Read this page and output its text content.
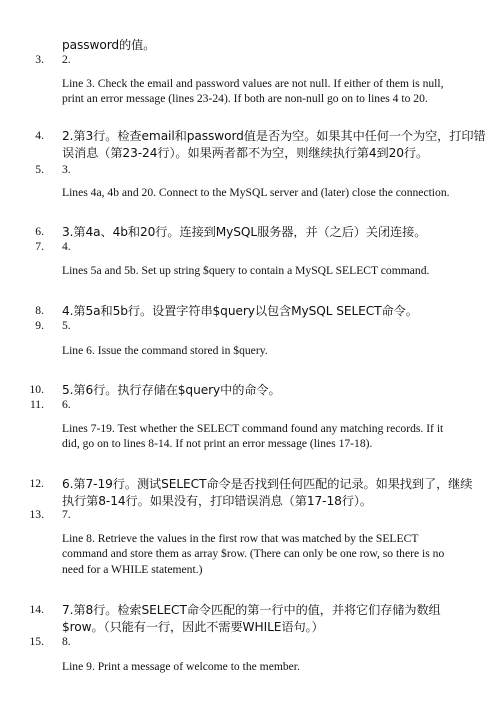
password的值。
3. 2.
Line 3. Check the email and password values are not null. If either of them is null,
print an error message (lines 23-24). If both are non-null go on to lines 4 to 20.
4. 2.第3行。检查email和password值是否为空。如果其中任何一个为空，打印错
误消息（第23-24行）。如果两者都不为空，则继续执行第4到20行。
5. 3.
Lines 4a, 4b and 20. Connect to the MySQL server and (later) close the connection.
6. 3.第4a、4b和20行。连接到MySQL服务器，并（之后）关闭连接。
7. 4.
Lines 5a and 5b. Set up string $query to contain a MySQL SELECT command.
8. 4.第5a和5b行。设置字符串$query以包含MySQL SELECT命令。
9. 5.
Line 6. Issue the command stored in $query.
10. 5.第6行。执行存储在$query中的命令。
11. 6.
Lines 7-19. Test whether the SELECT command found any matching records. If it
did, go on to lines 8-14. If not print an error message (lines 17-18).
12. 6.第7-19行。测试SELECT命令是否找到任何匹配的记录。如果找到了，继续
执行第8-14行。如果没有，打印错误消息（第17-18行）。
13. 7.
Line 8. Retrieve the values in the first row that was matched by the SELECT
command and store them as array $row. (There can only be one row, so there is no
need for a WHILE statement.)
14. 7.第8行。检索SELECT命令匹配的第一行中的值，并将它们存储为数组
$row。（只能有一行，因此不需要WHILE语句。）
15. 8.
Line 9. Print a message of welcome to the member.
